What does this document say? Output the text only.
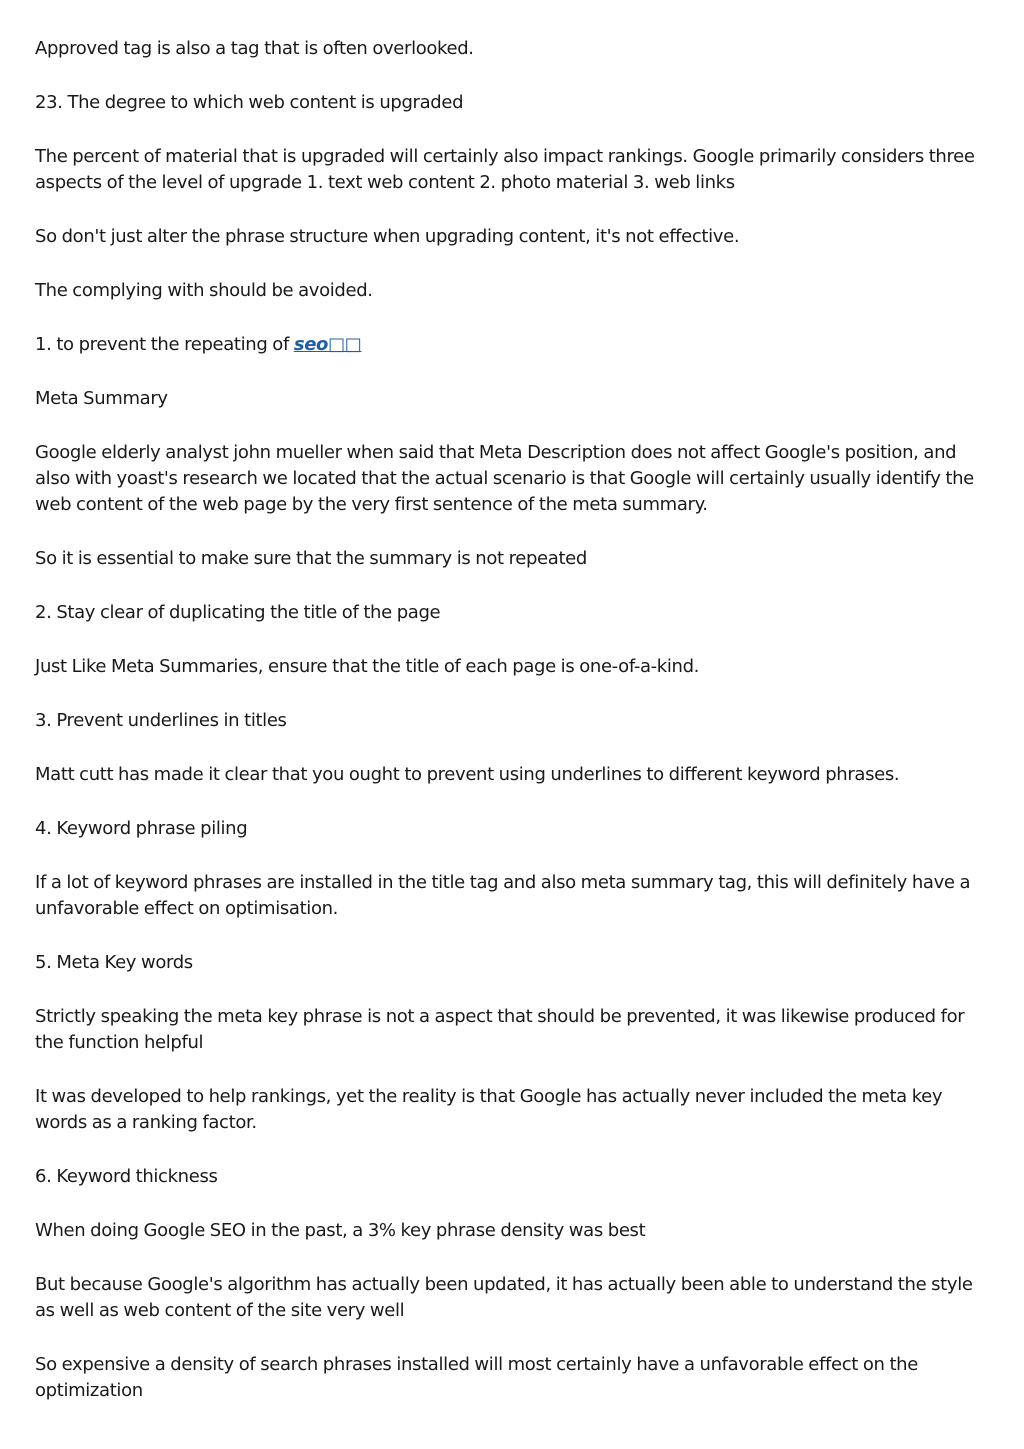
Approved tag is also a tag that is often overlooked.

23. The degree to which web content is upgraded

The percent of material that is upgraded will certainly also impact rankings. Google primarily considers three aspects of the level of upgrade 1. text web content 2. photo material 3. web links

So don't just alter the phrase structure when upgrading content, it's not effective.

The complying with should be avoided.

1. to prevent the repeating of seo□□

Meta Summary

Google elderly analyst john mueller when said that Meta Description does not affect Google's position, and also with yoast's research we located that the actual scenario is that Google will certainly usually identify the web content of the web page by the very first sentence of the meta summary.

So it is essential to make sure that the summary is not repeated

2. Stay clear of duplicating the title of the page

Just Like Meta Summaries, ensure that the title of each page is one-of-a-kind.

3. Prevent underlines in titles

Matt cutt has made it clear that you ought to prevent using underlines to different keyword phrases.

4. Keyword phrase piling

If a lot of keyword phrases are installed in the title tag and also meta summary tag, this will definitely have a unfavorable effect on optimisation.

5. Meta Key words

Strictly speaking the meta key phrase is not a aspect that should be prevented, it was likewise produced for the function helpful

It was developed to help rankings, yet the reality is that Google has actually never included the meta key words as a ranking factor.

6. Keyword thickness

When doing Google SEO in the past, a 3% key phrase density was best

But because Google's algorithm has actually been updated, it has actually been able to understand the style as well as web content of the site very well

So expensive a density of search phrases installed will most certainly have a unfavorable effect on the optimization
